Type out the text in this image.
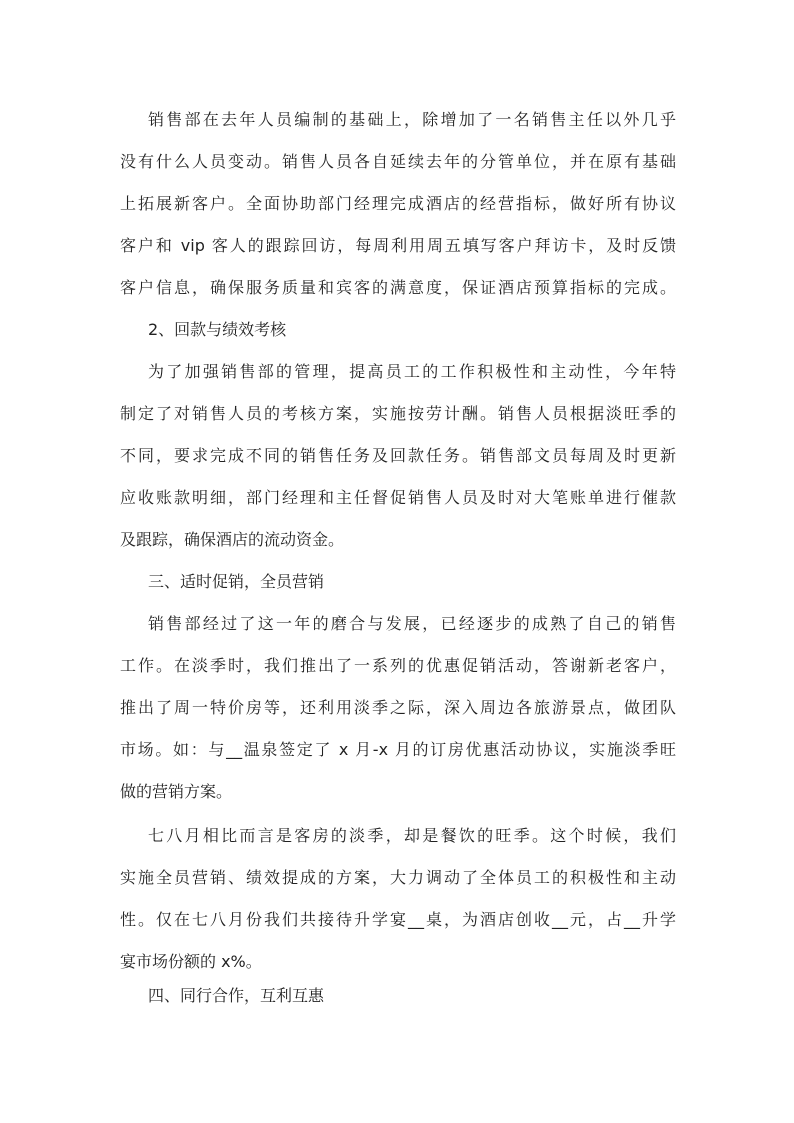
销售部在去年人员编制的基础上，除增加了一名销售主任以外几乎
没有什么人员变动。销售人员各自延续去年的分管单位，并在原有基础
上拓展新客户。全面协助部门经理完成酒店的经营指标，做好所有协议
客户和 vip 客人的跟踪回访，每周利用周五填写客户拜访卡，及时反馈
客户信息，确保服务质量和宾客的满意度，保证酒店预算指标的完成。
2、回款与绩效考核
为了加强销售部的管理，提高员工的工作积极性和主动性，今年特
制定了对销售人员的考核方案，实施按劳计酬。销售人员根据淡旺季的
不同，要求完成不同的销售任务及回款任务。销售部文员每周及时更新
应收账款明细，部门经理和主任督促销售人员及时对大笔账单进行催款
及跟踪，确保酒店的流动资金。
三、适时促销，全员营销
销售部经过了这一年的磨合与发展，已经逐步的成熟了自己的销售
工作。在淡季时，我们推出了一系列的优惠促销活动，答谢新老客户，
推出了周一特价房等，还利用淡季之际，深入周边各旅游景点，做团队
市场。如：与__温泉签定了 x 月-x 月的订房优惠活动协议，实施淡季旺
做的营销方案。
七八月相比而言是客房的淡季，却是餐饮的旺季。这个时候，我们
实施全员营销、绩效提成的方案，大力调动了全体员工的积极性和主动
性。仅在七八月份我们共接待升学宴__桌，为酒店创收__元，占__升学
宴市场份额的 x%。
四、同行合作，互利互惠
